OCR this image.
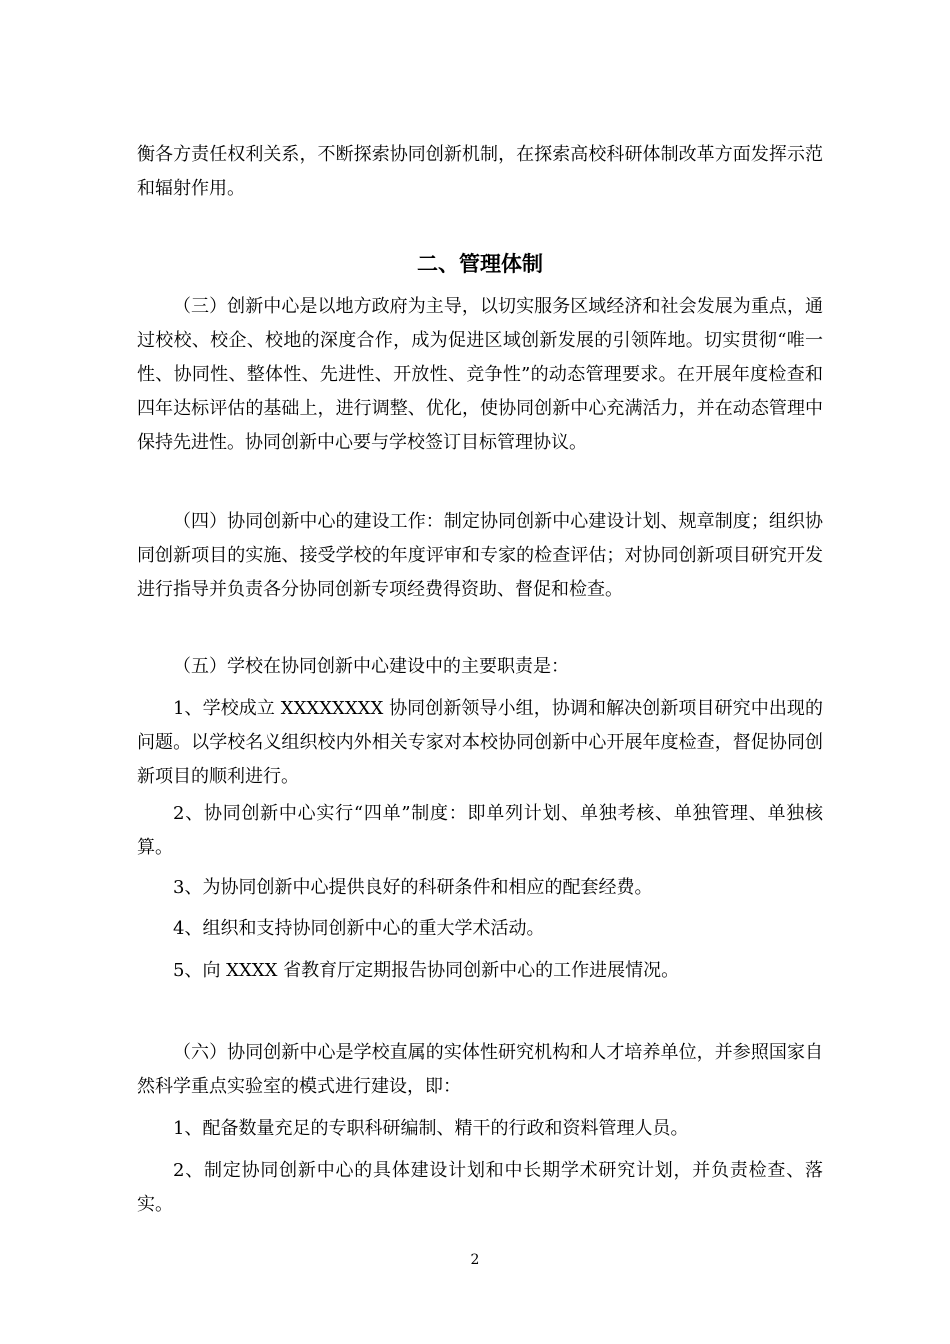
衡各方责任权利关系，不断探索协同创新机制，在探索高校科研体制改革方面发挥示范和辐射作用。

二、管理体制

（三）创新中心是以地方政府为主导，以切实服务区域经济和社会发展为重点，通过校校、校企、校地的深度合作，成为促进区域创新发展的引领阵地。切实贯彻“唯一性、协同性、整体性、先进性、开放性、竞争性”的动态管理要求。在开展年度检查和四年达标评估的基础上，进行调整、优化，使协同创新中心充满活力，并在动态管理中保持先进性。协同创新中心要与学校签订目标管理协议。

（四）协同创新中心的建设工作：制定协同创新中心建设计划、规章制度；组织协同创新项目的实施、接受学校的年度评审和专家的检查评估；对协同创新项目研究开发进行指导并负责各分协同创新专项经费得资助、督促和检查。

（五）学校在协同创新中心建设中的主要职责是：

1、学校成立 XXXXXXXX 协同创新领导小组，协调和解决创新项目研究中出现的问题。以学校名义组织校内外相关专家对本校协同创新中心开展年度检查，督促协同创新项目的顺利进行。

2、协同创新中心实行“四单”制度：即单列计划、单独考核、单独管理、单独核算。

3、为协同创新中心提供良好的科研条件和相应的配套经费。

4、组织和支持协同创新中心的重大学术活动。

5、向 XXXX 省教育厅定期报告协同创新中心的工作进展情况。

（六）协同创新中心是学校直属的实体性研究机构和人才培养单位，并参照国家自然科学重点实验室的模式进行建设，即：

1、配备数量充足的专职科研编制、精干的行政和资料管理人员。

2、制定协同创新中心的具体建设计划和中长期学术研究计划，并负责检查、落实。

2
